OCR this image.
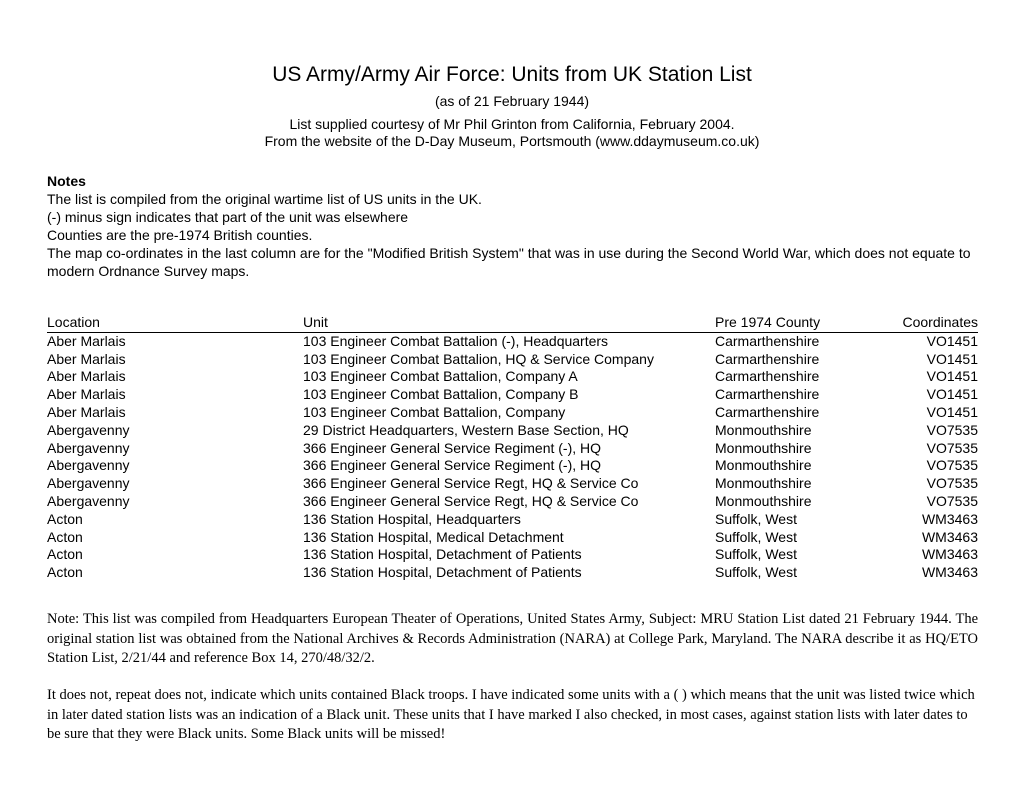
US Army/Army Air Force: Units from UK Station List
(as of 21 February 1944)
List supplied courtesy of Mr Phil Grinton from California, February 2004.
From the website of the D-Day Museum, Portsmouth (www.ddaymuseum.co.uk)
Notes
The list is compiled from the original wartime list of US units in the UK.
(-) minus sign indicates that part of the unit was elsewhere
Counties are the pre-1974 British counties.
The map co-ordinates in the last column are for the "Modified British System" that was in use during the Second World War, which does not equate to modern Ordnance Survey maps.
Location	Unit	Pre 1974 County	Coordinates
Aber Marlais	103 Engineer Combat Battalion (-), Headquarters	Carmarthenshire	VO1451
Aber Marlais	103 Engineer Combat Battalion, HQ & Service Company	Carmarthenshire	VO1451
Aber Marlais	103 Engineer Combat Battalion, Company A	Carmarthenshire	VO1451
Aber Marlais	103 Engineer Combat Battalion, Company B	Carmarthenshire	VO1451
Aber Marlais	103 Engineer Combat Battalion, Company	Carmarthenshire	VO1451
Abergavenny	29 District Headquarters, Western Base Section, HQ	Monmouthshire	VO7535
Abergavenny	366 Engineer General Service Regiment (-), HQ	Monmouthshire	VO7535
Abergavenny	366 Engineer General Service Regiment (-), HQ	Monmouthshire	VO7535
Abergavenny	366 Engineer General Service Regt, HQ & Service Co	Monmouthshire	VO7535
Abergavenny	366 Engineer General Service Regt, HQ & Service Co	Monmouthshire	VO7535
Acton	136 Station Hospital, Headquarters	Suffolk, West	WM3463
Acton	136 Station Hospital, Medical Detachment	Suffolk, West	WM3463
Acton	136 Station Hospital, Detachment of Patients	Suffolk, West	WM3463
Acton	136 Station Hospital, Detachment of Patients	Suffolk, West	WM3463
Note: This list was compiled from Headquarters European Theater of Operations, United States Army, Subject: MRU Station List dated 21 February 1944. The original station list was obtained from the National Archives & Records Administration (NARA) at College Park, Maryland. The NARA describe it as HQ/ETO Station List, 2/21/44 and reference Box 14, 270/48/32/2.
It does not, repeat does not, indicate which units contained Black troops. I have indicated some units with a ( ) which means that the unit was listed twice which in later dated station lists was an indication of a Black unit. These units that I have marked I also checked, in most cases, against station lists with later dates to be sure that they were Black units. Some Black units will be missed!
